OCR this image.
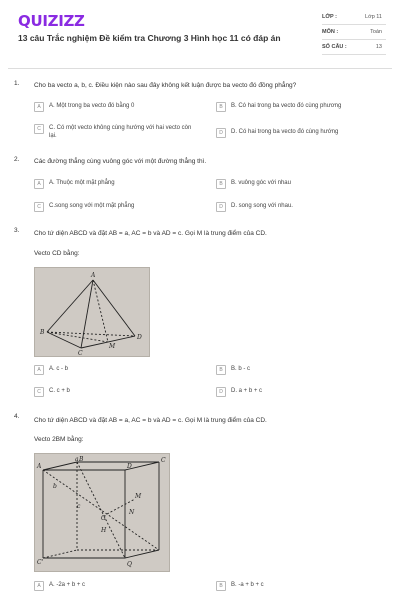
QUIZIZZ
13 câu Trắc nghiệm Đề kiểm tra Chương 3 Hình học 11 có đáp án
LỚP :	Lớp 11
MÔN :	Toán
SỐ CÂU :	13
1. Cho ba vecto a, b, c. Điều kiện nào sau đây không kết luận được ba vecto đó đồng phẳng?
A	A. Một trong ba vecto đó bằng 0	B	B. Có hai trong ba vecto đó cùng phương
C	C. Có một vecto không cùng hướng với hai vecto còn lại.	D	D. Có hai trong ba vecto đó cùng hướng
2. Các đường thẳng cùng vuông góc với một đường thẳng thì.
A	A. Thuộc một mặt phẳng	B	B. vuông góc với nhau
C	C.song song với một mặt phẳng	D	D. song song với nhau.
3. Cho tứ diện ABCD và đặt AB = a, AC = b và AD = c. Gọi M là trung điểm của CD.
Vecto CD bằng:
A
B
C
D
M
A	A. c - b	B	B. b - c
C	C. c + b	D	D. a + b + c
4.
Cho tứ diện ABCD và đặt AB = a, AC = b và AD = c. Gọi M là trung điểm của CD.
Vecto 2BM bằng:
A
B
D
C
M
N
G
H
C'	Q
a
b
c
A	A. -2a + b + c	B	B. -a + b + c
